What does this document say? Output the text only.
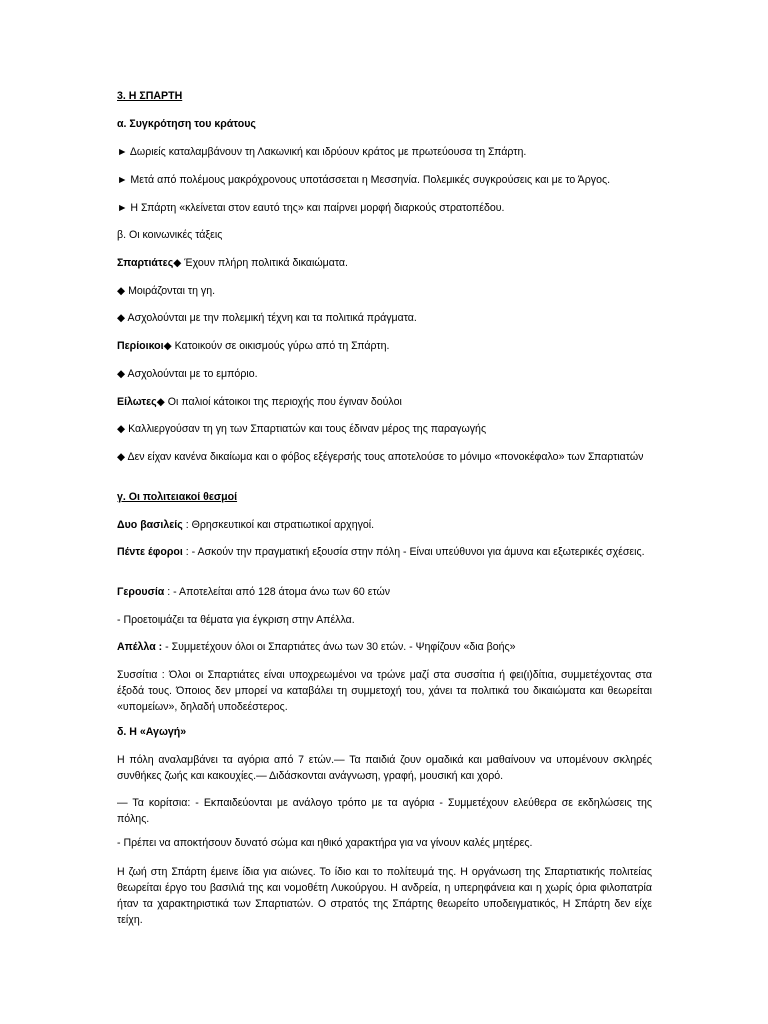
3. Η ΣΠΑΡΤΗ

α. Συγκρότηση του κράτους

► Δωριείς καταλαμβάνουν τη Λακωνική και ιδρύουν κράτος με πρωτεύουσα τη Σπάρτη.

► Μετά από πολέμους μακρόχρονους υποτάσσεται η Μεσσηνία. Πολεμικές συγκρούσεις και με το Άργος.

► Η Σπάρτη «κλείνεται στον εαυτό της» και παίρνει μορφή διαρκούς στρατοπέδου.

β. Οι κοινωνικές τάξεις

Σπαρτιάτες◆ Έχουν πλήρη πολιτικά δικαιώματα.

◆ Μοιράζονται τη γη.

◆ Ασχολούνται με την πολεμική τέχνη και τα πολιτικά πράγματα.

Περίοικοι◆ Κατοικούν σε οικισμούς γύρω από τη Σπάρτη.

◆ Ασχολούνται με το εμπόριο.

Είλωτες◆ Οι παλιοί κάτοικοι της περιοχής που έγιναν δούλοι

◆ Καλλιεργούσαν τη γη των Σπαρτιατών και τους έδιναν μέρος της παραγωγής

◆ Δεν είχαν κανένα δικαίωμα και ο φόβος εξέγερσής τους αποτελούσε το μόνιμο «πονοκέφαλο» των Σπαρτιατών

γ. Οι πολιτειακοί θεσμοί

Δυο βασιλείς : Θρησκευτικοί και στρατιωτικοί αρχηγοί.

Πέντε έφοροι : - Ασκούν την πραγματική εξουσία στην πόλη - Είναι υπεύθυνοι για άμυνα και εξωτερικές σχέσεις.

Γερουσία : - Αποτελείται από 128 άτομα άνω των 60 ετών

- Προετοιμάζει τα θέματα για έγκριση στην Απέλλα.

Απέλλα : - Συμμετέχουν όλοι οι Σπαρτιάτες άνω των 30 ετών. - Ψηφίζουν «δια βοής»

Συσσίτια : Όλοι οι Σπαρτιάτες είναι υποχρεωμένοι να τρώνε μαζί στα συσσίτια ή φει(ι)δίτια, συμμετέχοντας στα έξοδά τους. Όποιος δεν μπορεί να καταβάλει τη συμμετοχή του, χάνει τα πολιτικά του δικαιώματα και θεωρείται «υπομείων», δηλαδή υποδεέστερος.

δ. Η «Αγωγή»

Η πόλη αναλαμβάνει τα αγόρια από 7 ετών.— Τα παιδιά ζουν ομαδικά και μαθαίνουν να υπομένουν σκληρές συνθήκες ζωής και κακουχίες.— Διδάσκονται ανάγνωση, γραφή, μουσική και χορό.

— Τα κορίτσια: - Εκπαιδεύονται με ανάλογο τρόπο με τα αγόρια - Συμμετέχουν ελεύθερα σε εκδηλώσεις της πόλης.

- Πρέπει να αποκτήσουν δυνατό σώμα και ηθικό χαρακτήρα για να γίνουν καλές μητέρες.

Η ζωή στη Σπάρτη έμεινε ίδια για αιώνες. Το ίδιο και το πολίτευμά της. Η οργάνωση της Σπαρτιατικής πολιτείας θεωρείται έργο του βασιλιά της και νομοθέτη Λυκούργου. Η ανδρεία, η υπερηφάνεια και η χωρίς όρια φιλοπατρία ήταν τα χαρακτηριστικά των Σπαρτιατών. Ο στρατός της Σπάρτης θεωρείτο υποδειγματικός, Η Σπάρτη δεν είχε τείχη.
